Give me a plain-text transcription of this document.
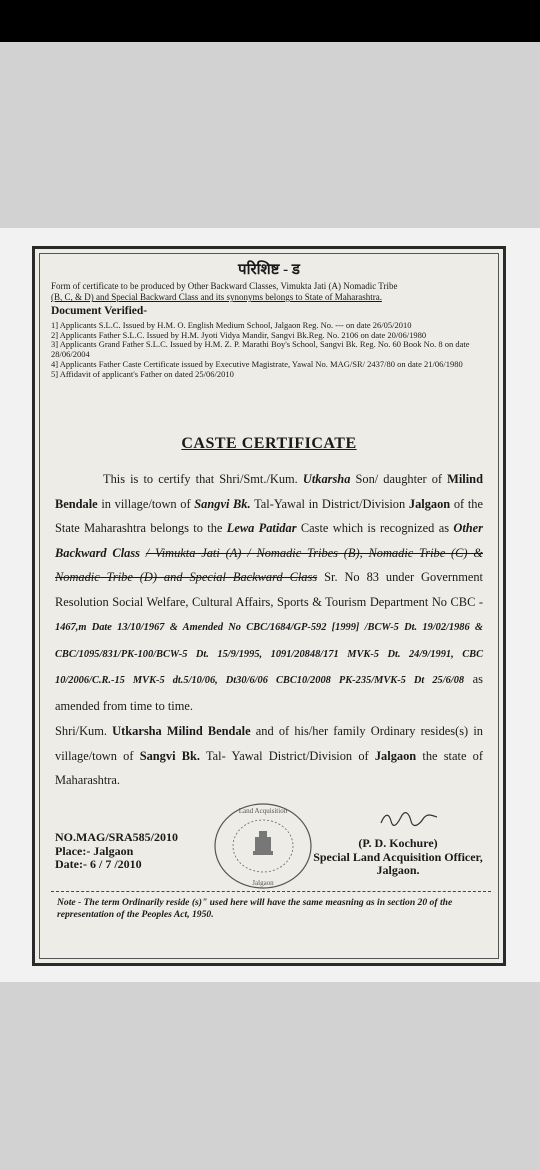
परिशिष्ट - ड
Form of certificate to be produced by Other Backward Classes, Vimukta Jati (A) Nomadic Tribe
(B, C, & D) and Special Backward Class and its synonyms belongs to State of Maharashtra.
Document Verified-
1] Applicants S.L.C. Issued by H.M. O. English Medium School, Jalgaon Reg. No. --- on date 26/05/2010
2] Applicants Father S.L.C. Issued by H.M. Jyoti Vidya Mandir, Sangvi Bk.Reg. No. 2106 on date 20/06/1980
3] Applicants Grand Father S.L.C. Issued by H.M. Z. P. Marathi Boy's School, Sangvi Bk. Reg. No. 60 Book No. 8 on date 28/06/2004
4] Applicants Father Caste Certificate issued by Executive Magistrate, Yawal No. MAG/SR/ 2437/80 on date 21/06/1980
5] Affidavit of applicant's Father on dated 25/06/2010
CASTE CERTIFICATE
This is to certify that Shri/Smt./Kum. Utkarsha Son/ daughter of Milind Bendale in village/town of Sangvi Bk. Tal-Yawal in District/Division Jalgaon of the State Maharashtra belongs to the Lewa Patidar Caste which is recognized as Other Backward Class / Vimukta Jati (A) / Nomadic Tribes (B), Nomadic Tribe (C) & Nomadic Tribe (D) and Special Backward Class Sr. No 83 under Government Resolution Social Welfare, Cultural Affairs, Sports & Tourism Department No CBC - 1467,m Date 13/10/1967 & Amended No CBC/1684/GP-592 [1999] /BCW-5 Dt. 19/02/1986 & CBC/1095/831/PK-100/BCW-5 Dt. 15/9/1995, 1091/20848/171 MVK-5 Dt. 24/9/1991, CBC 10/2006/C.R.-15 MVK-5 dt.5/10/06, Dt30/6/06 CBC10/2008 PK-235/MVK-5 Dt 25/6/08 as amended from time to time.
Shri/Kum. Utkarsha Milind Bendale and of his/her family Ordinary resides(s) in village/town of Sangvi Bk. Tal- Yawal District/Division of Jalgaon the state of Maharashtra.
NO.MAG/SRA585/2010
Place:- Jalgaon
Date:- 6 / 7 /2010
Land Acquisition
Jalgaon
(P. D. Kochure)
Special Land Acquisition Officer,
Jalgaon.
Note - The term Ordinarily reside (s)" used here will have the same measning as in section 20 of the representation of the Peoples Act, 1950.
